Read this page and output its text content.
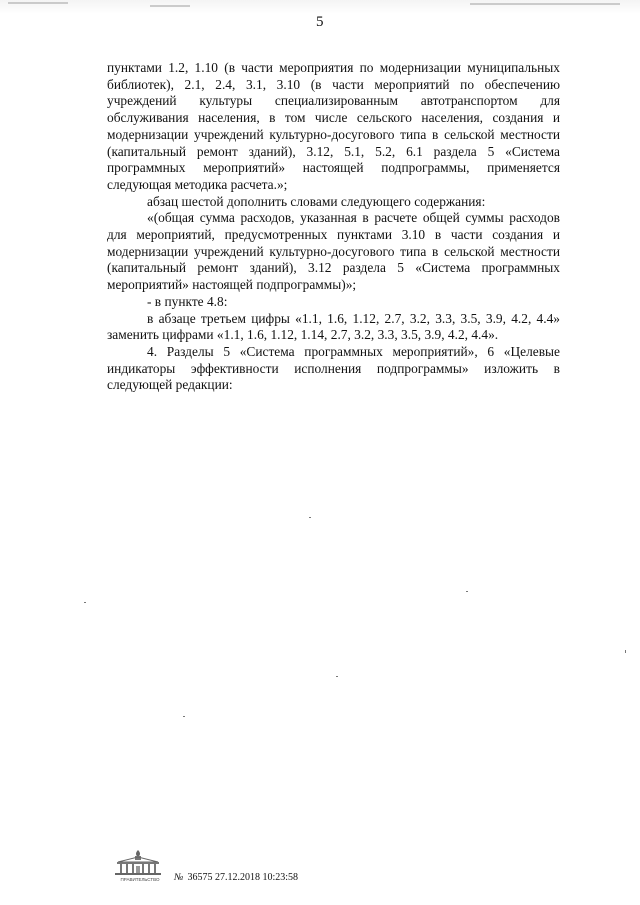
5

пунктами 1.2, 1.10 (в части мероприятия по модернизации муниципальных библиотек), 2.1, 2.4, 3.1, 3.10 (в части мероприятий по обеспечению учреждений культуры специализированным автотранспортом для обслуживания населения, в том числе сельского населения, создания и модернизации учреждений культурно-досугового типа в сельской местности (капитальный ремонт зданий), 3.12, 5.1, 5.2, 6.1 раздела 5 «Система программных мероприятий» настоящей подпрограммы, применяется следующая методика расчета.»;

абзац шестой дополнить словами следующего содержания:

«(общая сумма расходов, указанная в расчете общей суммы расходов для мероприятий, предусмотренных пунктами 3.10 в части создания и модернизации учреждений культурно-досугового типа в сельской местности (капитальный ремонт зданий), 3.12 раздела 5 «Система программных мероприятий» настоящей подпрограммы)»;

- в пункте 4.8:

в абзаце третьем цифры «1.1, 1.6, 1.12, 2.7, 3.2, 3.3, 3.5, 3.9, 4.2, 4.4» заменить цифрами «1.1, 1.6, 1.12, 1.14, 2.7, 3.2, 3.3, 3.5, 3.9, 4.2, 4.4».

4. Разделы 5 «Система программных мероприятий», 6 «Целевые индикаторы эффективности исполнения подпрограммы» изложить в следующей редакции:

ПРАВИТЕЛЬСТВО	№ 36575 27.12.2018 10:23:58
